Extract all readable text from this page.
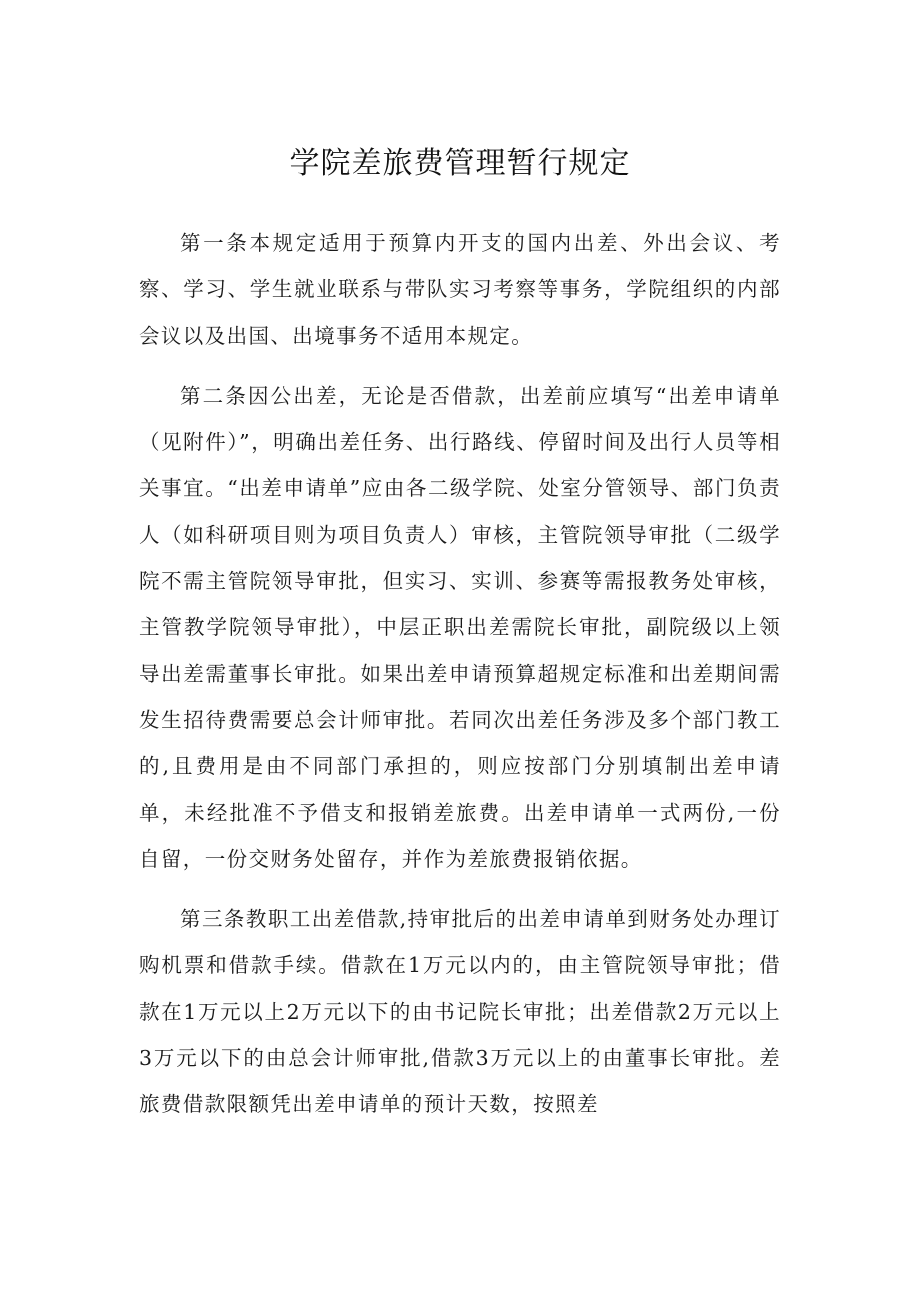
学院差旅费管理暂行规定

第一条本规定适用于预算内开支的国内出差、外出会议、考察、学习、学生就业联系与带队实习考察等事务，学院组织的内部会议以及出国、出境事务不适用本规定。

第二条因公出差，无论是否借款，出差前应填写“出差申请单（见附件）”，明确出差任务、出行路线、停留时间及出行人员等相关事宜。“出差申请单”应由各二级学院、处室分管领导、部门负责人（如科研项目则为项目负责人）审核，主管院领导审批（二级学院不需主管院领导审批，但实习、实训、参赛等需报教务处审核，主管教学院领导审批），中层正职出差需院长审批，副院级以上领导出差需董事长审批。如果出差申请预算超规定标准和出差期间需发生招待费需要总会计师审批。若同次出差任务涉及多个部门教工的,且费用是由不同部门承担的，则应按部门分别填制出差申请单，未经批准不予借支和报销差旅费。出差申请单一式两份,一份自留，一份交财务处留存，并作为差旅费报销依据。

第三条教职工出差借款,持审批后的出差申请单到财务处办理订购机票和借款手续。借款在1万元以内的，由主管院领导审批；借款在1万元以上2万元以下的由书记院长审批；出差借款2万元以上3万元以下的由总会计师审批,借款3万元以上的由董事长审批。差旅费借款限额凭出差申请单的预计天数，按照差
